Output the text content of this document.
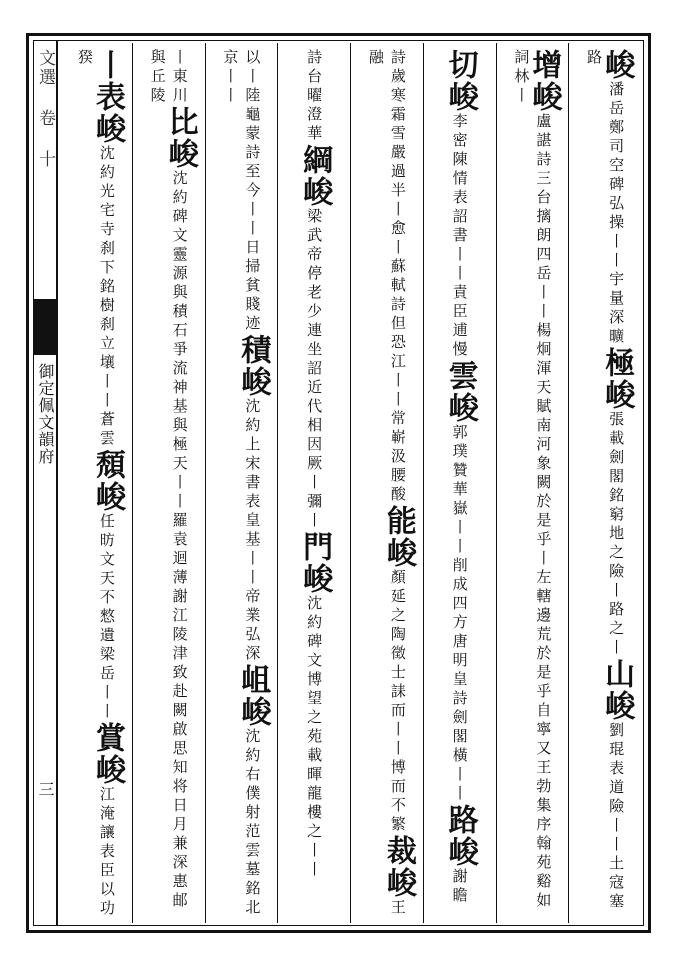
文選 卷 十
御定佩文韻府
三
峻潘岳鄭司空碑弘操丨丨宇量深曠極峻張載劍閣銘窮地之險丨路之丨山峻劉琨表道險丨丨土寇塞路
增峻盧諶詩三台摛朗四岳丨丨楊炯渾天賦南河象闕於是乎丨左轄邊荒於是乎自寧又王勃集序翰苑谿如詞林丨
切峻李密陳情表詔書丨丨責臣逋慢雲峻郭璞贊華嶽丨丨削成四方唐明皇詩劍閣橫丨丨路峻謝瞻
詩歲寒霜雪嚴過半丨愈丨蘇軾詩但恐江丨丨常嶄汲腰酸能峻顏延之陶徵士誄而丨丨博而不繁裁峻王融
詩台曜澄華綱峻梁武帝停老少連坐詔近代相因厥丨彌丨門峻沈約碑文博望之苑載暉龍樓之丨丨
以丨陸龜蒙詩至今丨丨日掃貧賤迹積峻沈約上宋書表皇基丨丨帝業弘深岨峻沈約右僕射范雲墓銘北京丨丨
丨東川比峻沈約碑文靈源與積石爭流神基與極天丨丨羅袁迴薄謝江陵津致赴闕啟思知将日月兼深惠邮與丘陵
丨表峻沈約光宅寺刹下銘樹刹立壤丨丨蒼雲頹峻任昉文天不憗遺梁岳丨丨賞峻江淹讓表臣以功猤
